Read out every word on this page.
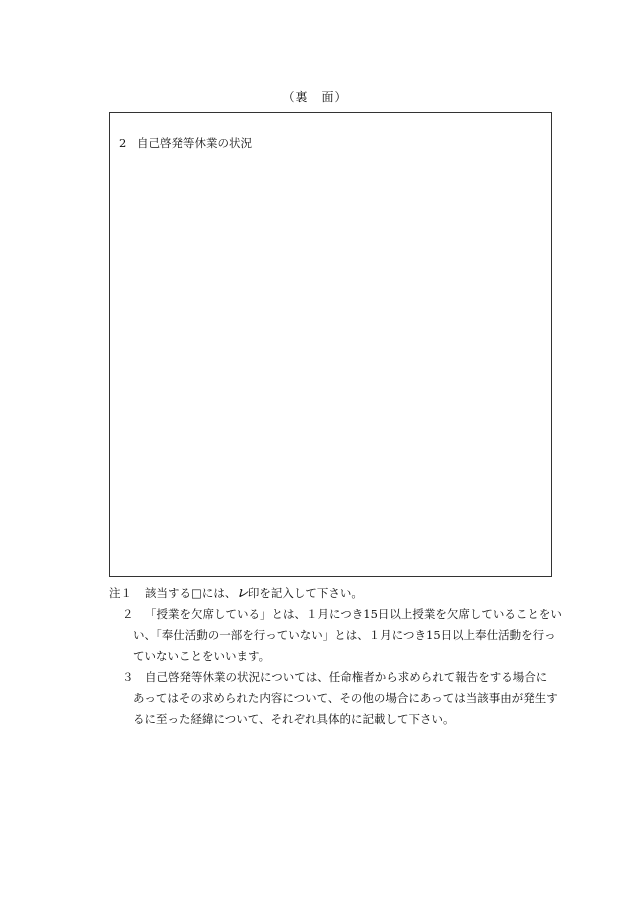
（裏　面）
2 自己啓発等休業の状況
注１ 該当する□には、レ印を記入して下さい。
２ 「授業を欠席している」とは、１月につき15日以上授業を欠席していることをい
い、「奉仕活動の一部を行っていない」とは、１月につき15日以上奉仕活動を行っ
ていないことをいいます。
３ 自己啓発等休業の状況については、任命権者から求められて報告をする場合に
あってはその求められた内容について、その他の場合にあっては当該事由が発生す
るに至った経緯について、それぞれ具体的に記載して下さい。
